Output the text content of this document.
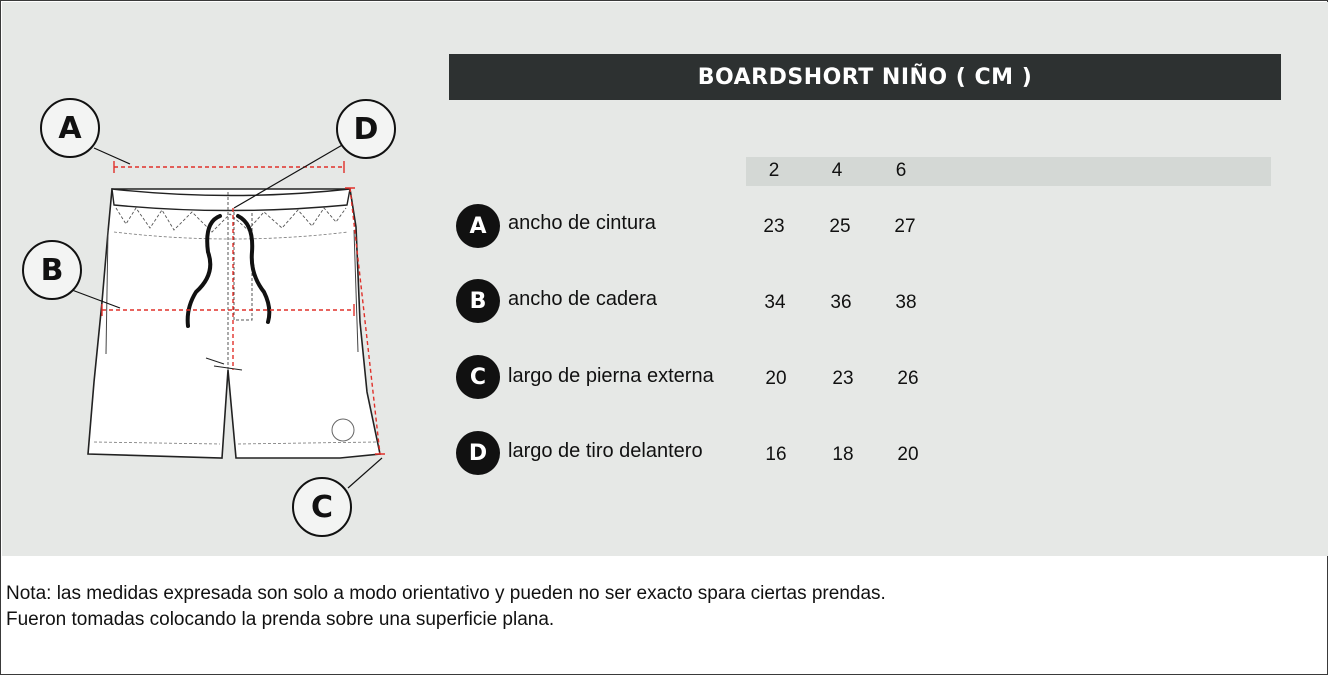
A	D
B
C
BOARDSHORT NIÑO ( CM )
2	4	6
A	ancho de cintura	23	25	27
B	ancho de cadera	34	36	38
C	largo de pierna externa	20	23	26
D	largo de tiro delantero	16	18	20
Nota: las medidas expresada son solo a modo orientativo y pueden no ser exacto spara ciertas prendas.
Fueron tomadas colocando la prenda sobre una superficie plana.
